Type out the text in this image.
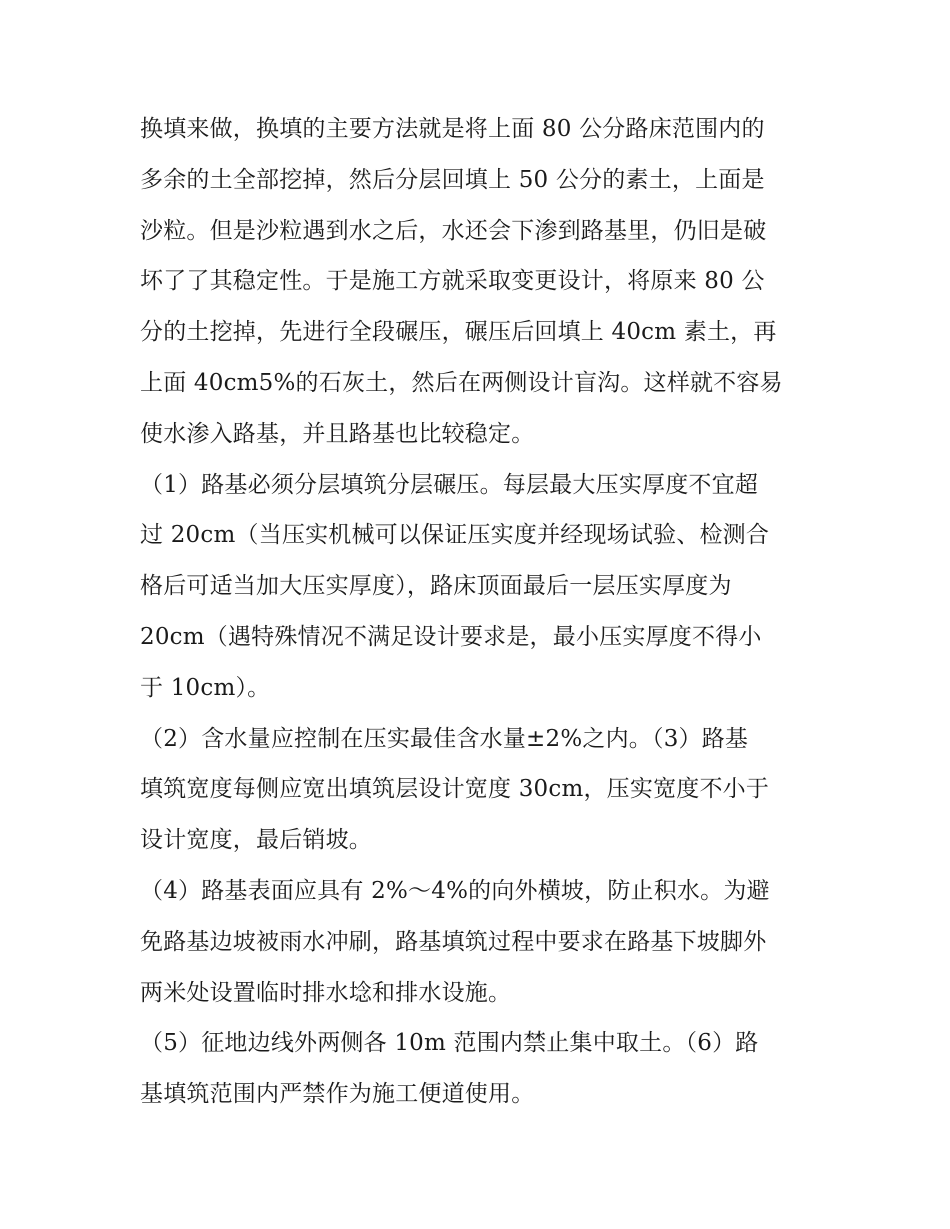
换填来做，换填的主要方法就是将上面 80 公分路床范围内的
多余的土全部挖掉，然后分层回填上 50 公分的素土，上面是
沙粒。但是沙粒遇到水之后，水还会下渗到路基里，仍旧是破
坏了了其稳定性。于是施工方就采取变更设计，将原来 80 公
分的土挖掉，先进行全段碾压，碾压后回填上 40cm 素土，再
上面 40cm5%的石灰土，然后在两侧设计盲沟。这样就不容易
使水渗入路基，并且路基也比较稳定。
（1）路基必须分层填筑分层碾压。每层最大压实厚度不宜超
过 20cm（当压实机械可以保证压实度并经现场试验、检测合
格后可适当加大压实厚度），路床顶面最后一层压实厚度为
20cm（遇特殊情况不满足设计要求是，最小压实厚度不得小
于 10cm）。
（2）含水量应控制在压实最佳含水量±2%之内。（3）路基
填筑宽度每侧应宽出填筑层设计宽度 30cm，压实宽度不小于
设计宽度，最后销坡。
（4）路基表面应具有 2%～4%的向外横坡，防止积水。为避
免路基边坡被雨水冲刷，路基填筑过程中要求在路基下坡脚外
两米处设置临时排水埝和排水设施。
（5）征地边线外两侧各 10m 范围内禁止集中取土。（6）路
基填筑范围内严禁作为施工便道使用。
